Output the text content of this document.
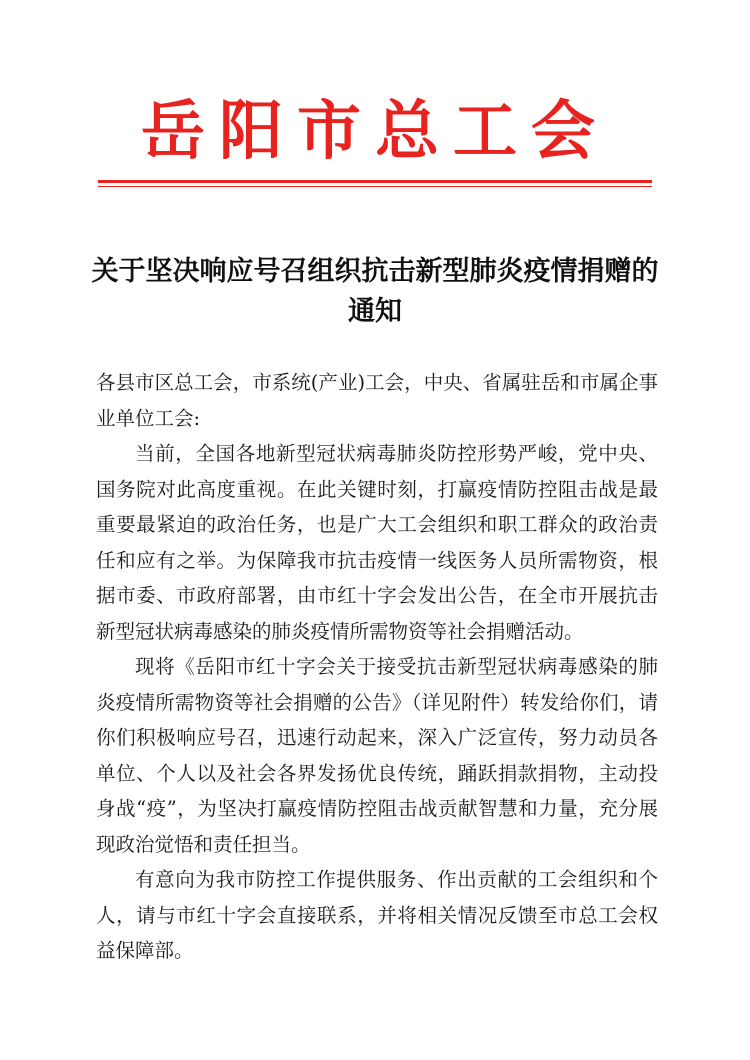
岳阳市总工会
关于坚决响应号召组织抗击新型肺炎疫情捐赠的通知

各县市区总工会，市系统(产业)工会，中央、省属驻岳和市属企事业单位工会:

当前，全国各地新型冠状病毒肺炎防控形势严峻，党中央、国务院对此高度重视。在此关键时刻，打赢疫情防控阻击战是最重要最紧迫的政治任务，也是广大工会组织和职工群众的政治责任和应有之举。为保障我市抗击疫情一线医务人员所需物资，根据市委、市政府部署，由市红十字会发出公告，在全市开展抗击新型冠状病毒感染的肺炎疫情所需物资等社会捐赠活动。

现将《岳阳市红十字会关于接受抗击新型冠状病毒感染的肺炎疫情所需物资等社会捐赠的公告》（详见附件）转发给你们，请你们积极响应号召，迅速行动起来，深入广泛宣传，努力动员各单位、个人以及社会各界发扬优良传统，踊跃捐款捐物，主动投身战“疫”，为坚决打赢疫情防控阻击战贡献智慧和力量，充分展现政治觉悟和责任担当。

有意向为我市防控工作提供服务、作出贡献的工会组织和个人，请与市红十字会直接联系，并将相关情况反馈至市总工会权益保障部。
